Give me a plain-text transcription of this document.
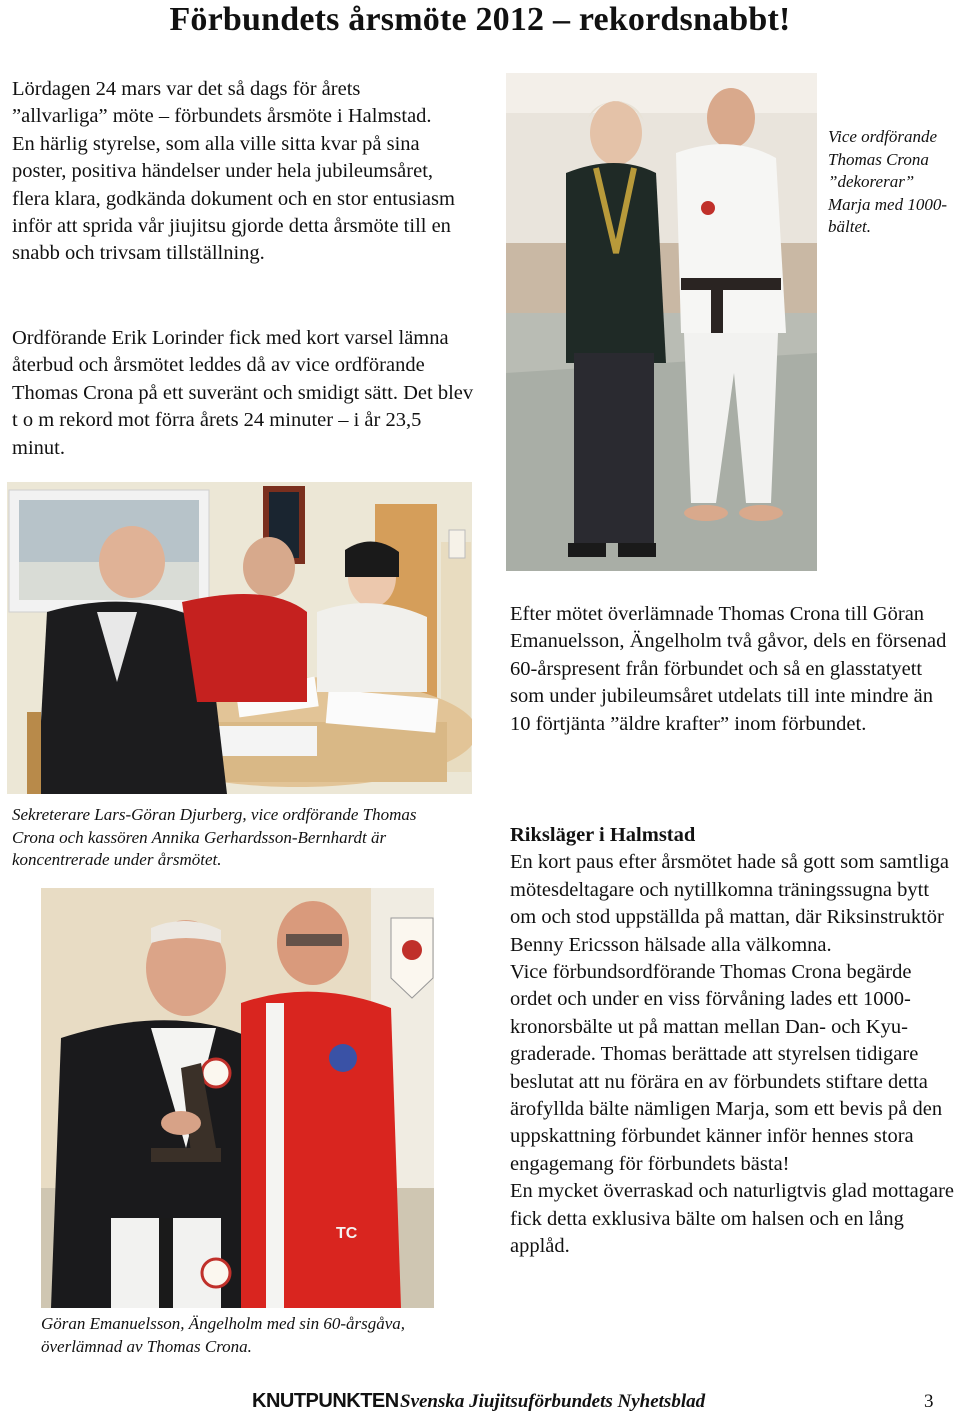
Förbundets årsmöte 2012 – rekordsnabbt!
Lördagen 24 mars var det så dags för årets ”allvarliga” möte – förbundets årsmöte i Halmstad. En härlig styrelse, som alla ville sitta kvar på sina poster, positiva händelser under hela jubileumsåret, flera klara, godkända dokument och en stor entusiasm inför att sprida vår jiujitsu gjorde detta årsmöte till en snabb och trivsam tillställning.
Ordförande Erik Lorinder fick med kort varsel lämna återbud och årsmötet leddes då av vice ordförande Thomas Crona på ett suveränt och smidigt sätt. Det blev t o m rekord mot förra årets 24 minuter – i år 23,5 minut.
Vice ordförande Thomas Crona ”dekorerar” Marja med 1000-bältet.
Sekreterare Lars-Göran Djurberg, vice ordförande Thomas Crona och kassören Annika Gerhardsson-Bernhardt är koncentrerade under årsmötet.
TC
Göran Emanuelsson, Ängelholm med sin 60-årsgåva, överlämnad av Thomas Crona.
Efter mötet överlämnade Thomas Crona till Göran Emanuelsson, Ängelholm två gåvor, dels en försenad 60-årspresent från förbundet och så en glasstatyett som under jubileumsåret utdelats till inte mindre än 10 förtjänta ”äldre krafter” inom förbundet.

Riksläger i Halmstad

En kort paus efter årsmötet hade så gott som samtliga mötesdeltagare och nytillkomna träningssugna bytt om och stod uppställda på mattan, där Riksinstruktör Benny Ericsson hälsade alla välkomna.

Vice förbundsordförande Thomas Crona begärde ordet och under en viss förvåning lades ett 1000-kronorsbälte ut på mattan mellan Dan- och Kyu-graderade. Thomas berättade att styrelsen tidigare beslutat att nu förära en av förbundets stiftare detta ärofyllda bälte nämligen Marja, som ett bevis på den uppskattning förbundet känner inför hennes stora engagemang för förbundets bästa!

En mycket överraskad och naturligtvis glad mottagare fick detta exklusiva bälte om halsen och en lång applåd.

KNUTPUNKTEN Svenska Jiujitsuförbundets Nyhetsblad	3
